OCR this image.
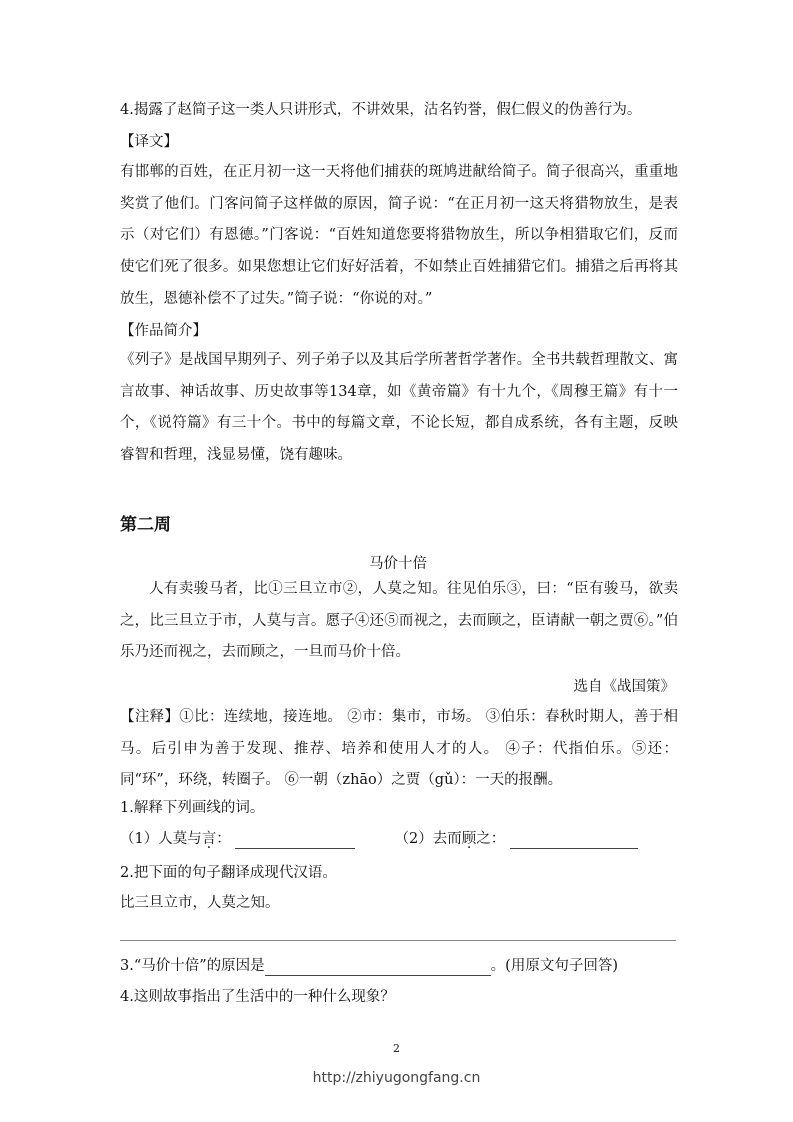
4.揭露了赵简子这一类人只讲形式，不讲效果，沽名钓誉，假仁假义的伪善行为。
【译文】
有邯郸的百姓，在正月初一这一天将他们捕获的斑鸠进献给简子。简子很高兴，重重地奖赏了他们。门客问简子这样做的原因，简子说：“在正月初一这天将猎物放生，是表示（对它们）有恩德。”门客说：“百姓知道您要将猎物放生，所以争相猎取它们，反而使它们死了很多。如果您想让它们好好活着，不如禁止百姓捕猎它们。捕猎之后再将其放生，恩德补偿不了过失。”简子说：“你说的对。”
【作品简介】
《列子》是战国早期列子、列子弟子以及其后学所著哲学著作。全书共载哲理散文、寓言故事、神话故事、历史故事等134章，如《黄帝篇》有十九个，《周穆王篇》有十一个，《说符篇》有三十个。书中的每篇文章，不论长短，都自成系统，各有主题，反映睿智和哲理，浅显易懂，饶有趣味。
第二周
马价十倍
人有卖骏马者，比①三旦立市②，人莫之知。往见伯乐③，曰：“臣有骏马，欲卖之，比三旦立于市，人莫与言。愿子④还⑤而视之，去而顾之，臣请献一朝之贾⑥。”伯乐乃还而视之，去而顾之，一旦而马价十倍。
选自《战国策》
【注释】①比：连续地，接连地。 ②市：集市，市场。 ③伯乐：春秋时期人，善于相马。后引申为善于发现、推荐、培养和使用人才的人。 ④子：代指伯乐。⑤还：同“环”，环绕，转圈子。 ⑥一朝（zhāo）之贾（gǔ）：一天的报酬。
1.解释下列画线的词。
（1）人莫与言：	（2）去而顾之：
2.把下面的句子翻译成现代汉语。
比三旦立市，人莫之知。
3.“马价十倍”的原因是	。(用原文句子回答)
4.这则故事指出了生活中的一种什么现象？
2
http://zhiyugongfang.cn
